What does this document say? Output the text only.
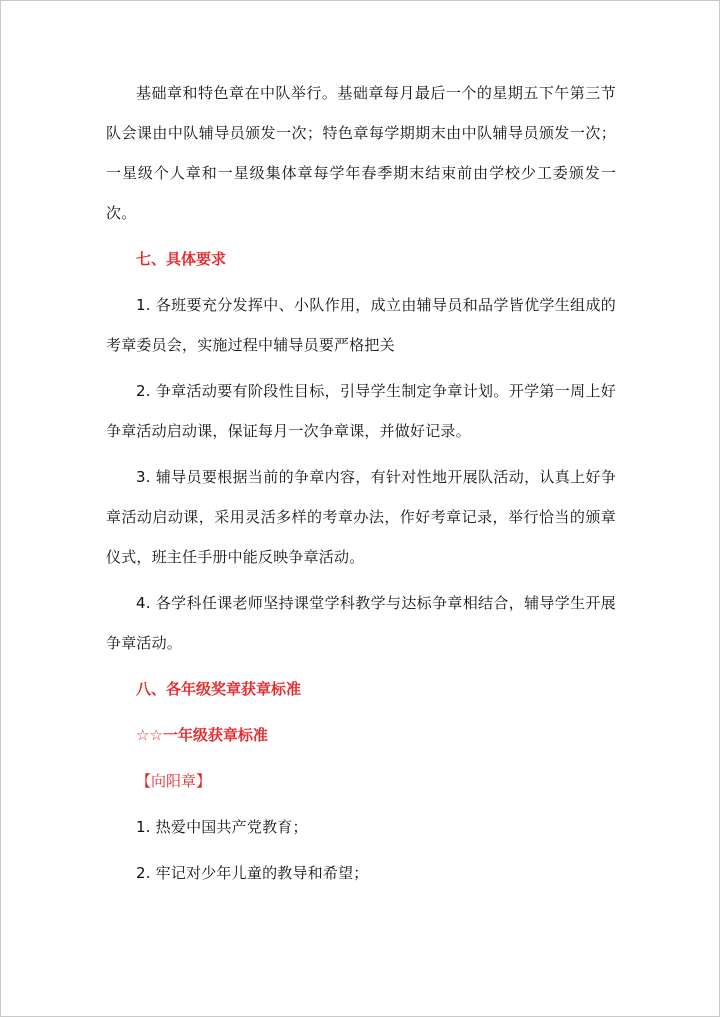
基础章和特色章在中队举行。基础章每月最后一个的星期五下午第三节队会课由中队辅导员颁发一次；特色章每学期期末由中队辅导员颁发一次；一星级个人章和一星级集体章每学年春季期末结束前由学校少工委颁发一次。

七、具体要求

1. 各班要充分发挥中、小队作用，成立由辅导员和品学皆优学生组成的考章委员会，实施过程中辅导员要严格把关

2. 争章活动要有阶段性目标，引导学生制定争章计划。开学第一周上好争章活动启动课，保证每月一次争章课，并做好记录。

3. 辅导员要根据当前的争章内容，有针对性地开展队活动，认真上好争章活动启动课，采用灵活多样的考章办法，作好考章记录，举行恰当的颁章仪式，班主任手册中能反映争章活动。

4. 各学科任课老师坚持课堂学科教学与达标争章相结合，辅导学生开展争章活动。

八、各年级奖章获章标准

☆☆一年级获章标准

【向阳章】

1. 热爱中国共产党教育；

2. 牢记对少年儿童的教导和希望；
